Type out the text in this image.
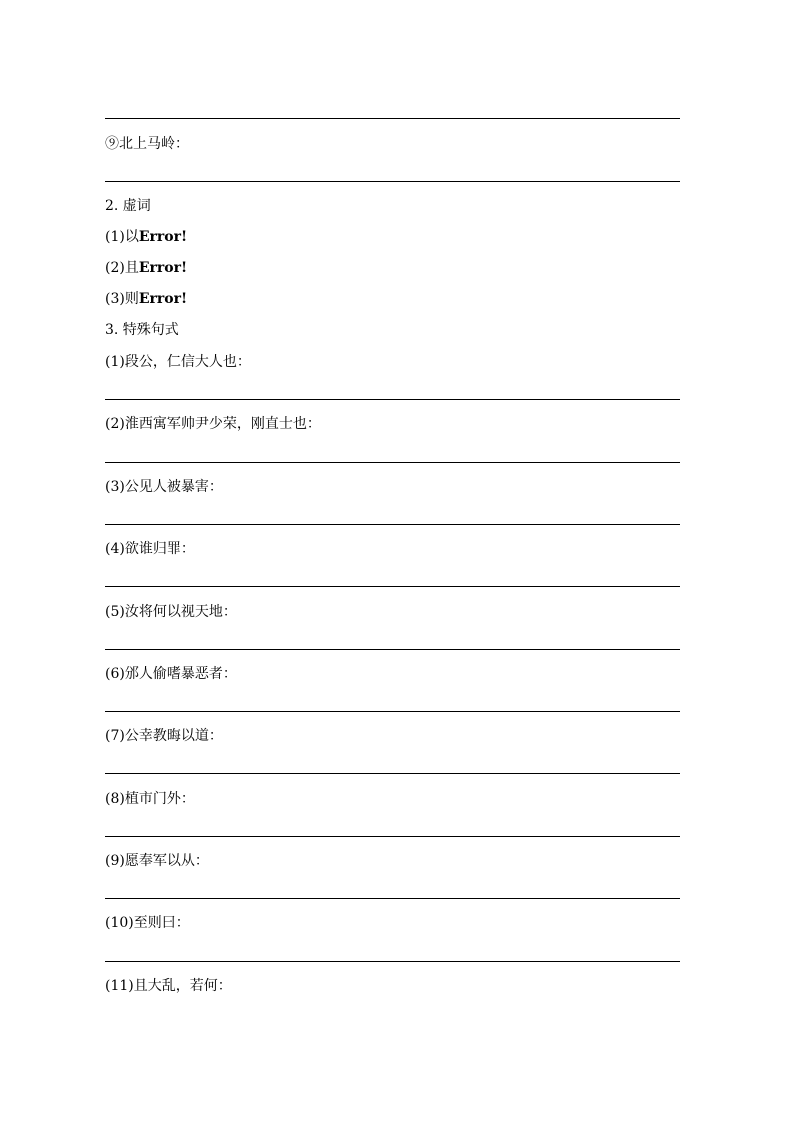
⑨北上马岭：
2. 虚词
(1)以Error!
(2)且Error!
(3)则Error!
3. 特殊句式
(1)段公，仁信大人也：
(2)淮西寓军帅尹少荣，刚直士也：
(3)公见人被暴害：
(4)欲谁归罪：
(5)汝将何以视天地：
(6)邠人偷嗜暴恶者：
(7)公幸教晦以道：
(8)植市门外：
(9)愿奉军以从：
(10)至则曰：
(11)且大乱，若何：
